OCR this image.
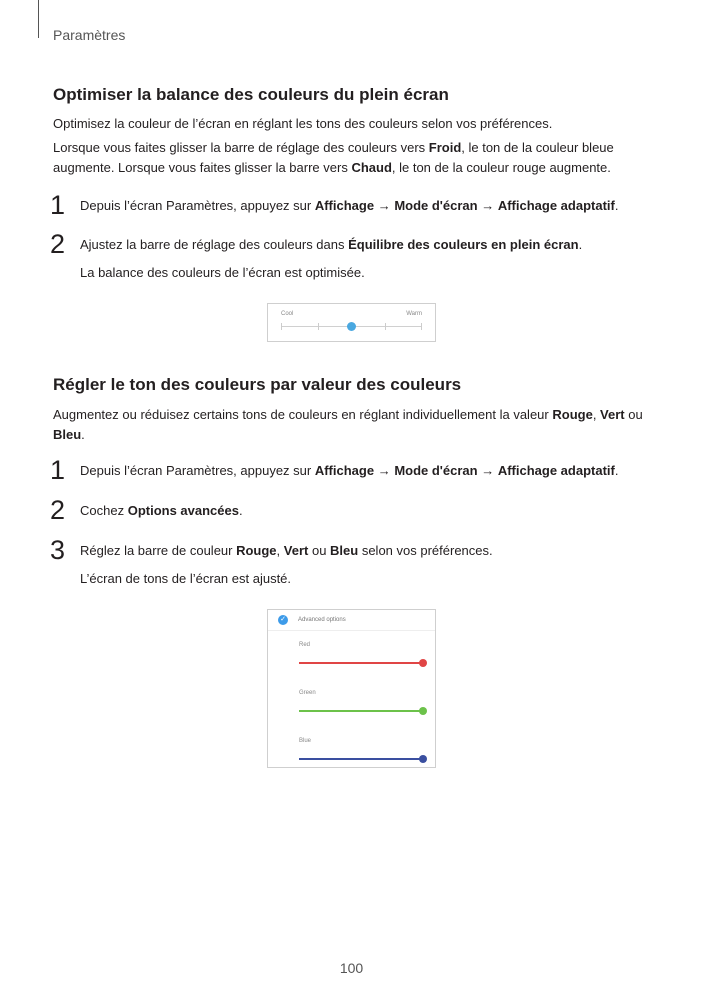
Paramètres
Optimiser la balance des couleurs du plein écran

Optimisez la couleur de l’écran en réglant les tons des couleurs selon vos préférences.

Lorsque vous faites glisser la barre de réglage des couleurs vers Froid, le ton de la couleur bleue augmente. Lorsque vous faites glisser la barre vers Chaud, le ton de la couleur rouge augmente.

1 Depuis l’écran Paramètres, appuyez sur Affichage → Mode d'écran → Affichage adaptatif.

2 Ajustez la barre de réglage des couleurs dans Équilibre des couleurs en plein écran.

La balance des couleurs de l’écran est optimisée.

Cool	Warm
Régler le ton des couleurs par valeur des couleurs

Augmentez ou réduisez certains tons de couleurs en réglant individuellement la valeur Rouge, Vert ou Bleu.

1 Depuis l’écran Paramètres, appuyez sur Affichage → Mode d'écran → Affichage adaptatif.

2 Cochez Options avancées.

3 Réglez la barre de couleur Rouge, Vert ou Bleu selon vos préférences.

L’écran de tons de l’écran est ajusté.

✓	Advanced options
Red
Green
Blue
100
